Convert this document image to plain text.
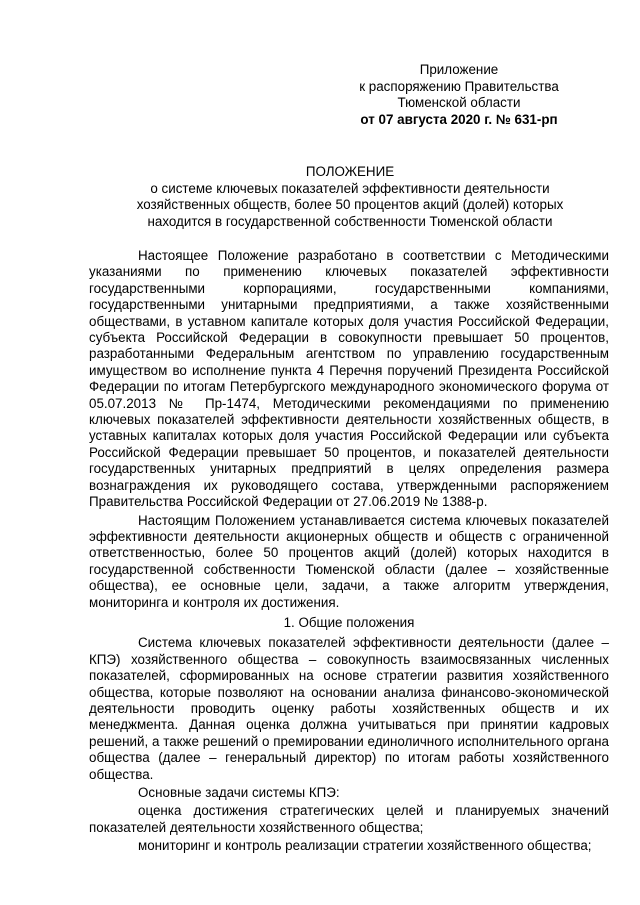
Приложение
к распоряжению Правительства
Тюменской области
от 07 августа 2020 г. № 631-рп
ПОЛОЖЕНИЕ
о системе ключевых показателей эффективности деятельности
хозяйственных обществ, более 50 процентов акций (долей) которых
находится в государственной собственности Тюменской области

Настоящее Положение разработано в соответствии с Методическими указаниями по применению ключевых показателей эффективности государственными корпорациями, государственными компаниями, государственными унитарными предприятиями, а также хозяйственными обществами, в уставном капитале которых доля участия Российской Федерации, субъекта Российской Федерации в совокупности превышает 50 процентов, разработанными Федеральным агентством по управлению государственным имуществом во исполнение пункта 4 Перечня поручений Президента Российской Федерации по итогам Петербургского международного экономического форума от 05.07.2013 № Пр-1474, Методическими рекомендациями по применению ключевых показателей эффективности деятельности хозяйственных обществ, в уставных капиталах которых доля участия Российской Федерации или субъекта Российской Федерации превышает 50 процентов, и показателей деятельности государственных унитарных предприятий в целях определения размера вознаграждения их руководящего состава, утвержденными распоряжением Правительства Российской Федерации от 27.06.2019 № 1388-р.

Настоящим Положением устанавливается система ключевых показателей эффективности деятельности акционерных обществ и обществ с ограниченной ответственностью, более 50 процентов акций (долей) которых находится в государственной собственности Тюменской области (далее – хозяйственные общества), ее основные цели, задачи, а также алгоритм утверждения, мониторинга и контроля их достижения.

1. Общие положения

Система ключевых показателей эффективности деятельности (далее – КПЭ) хозяйственного общества – совокупность взаимосвязанных численных показателей, сформированных на основе стратегии развития хозяйственного общества, которые позволяют на основании анализа финансово-экономической деятельности проводить оценку работы хозяйственных обществ и их менеджмента. Данная оценка должна учитываться при принятии кадровых решений, а также решений о премировании единоличного исполнительного органа общества (далее – генеральный директор) по итогам работы хозяйственного общества.

Основные задачи системы КПЭ:

оценка достижения стратегических целей и планируемых значений показателей деятельности хозяйственного общества;

мониторинг и контроль реализации стратегии хозяйственного общества;
